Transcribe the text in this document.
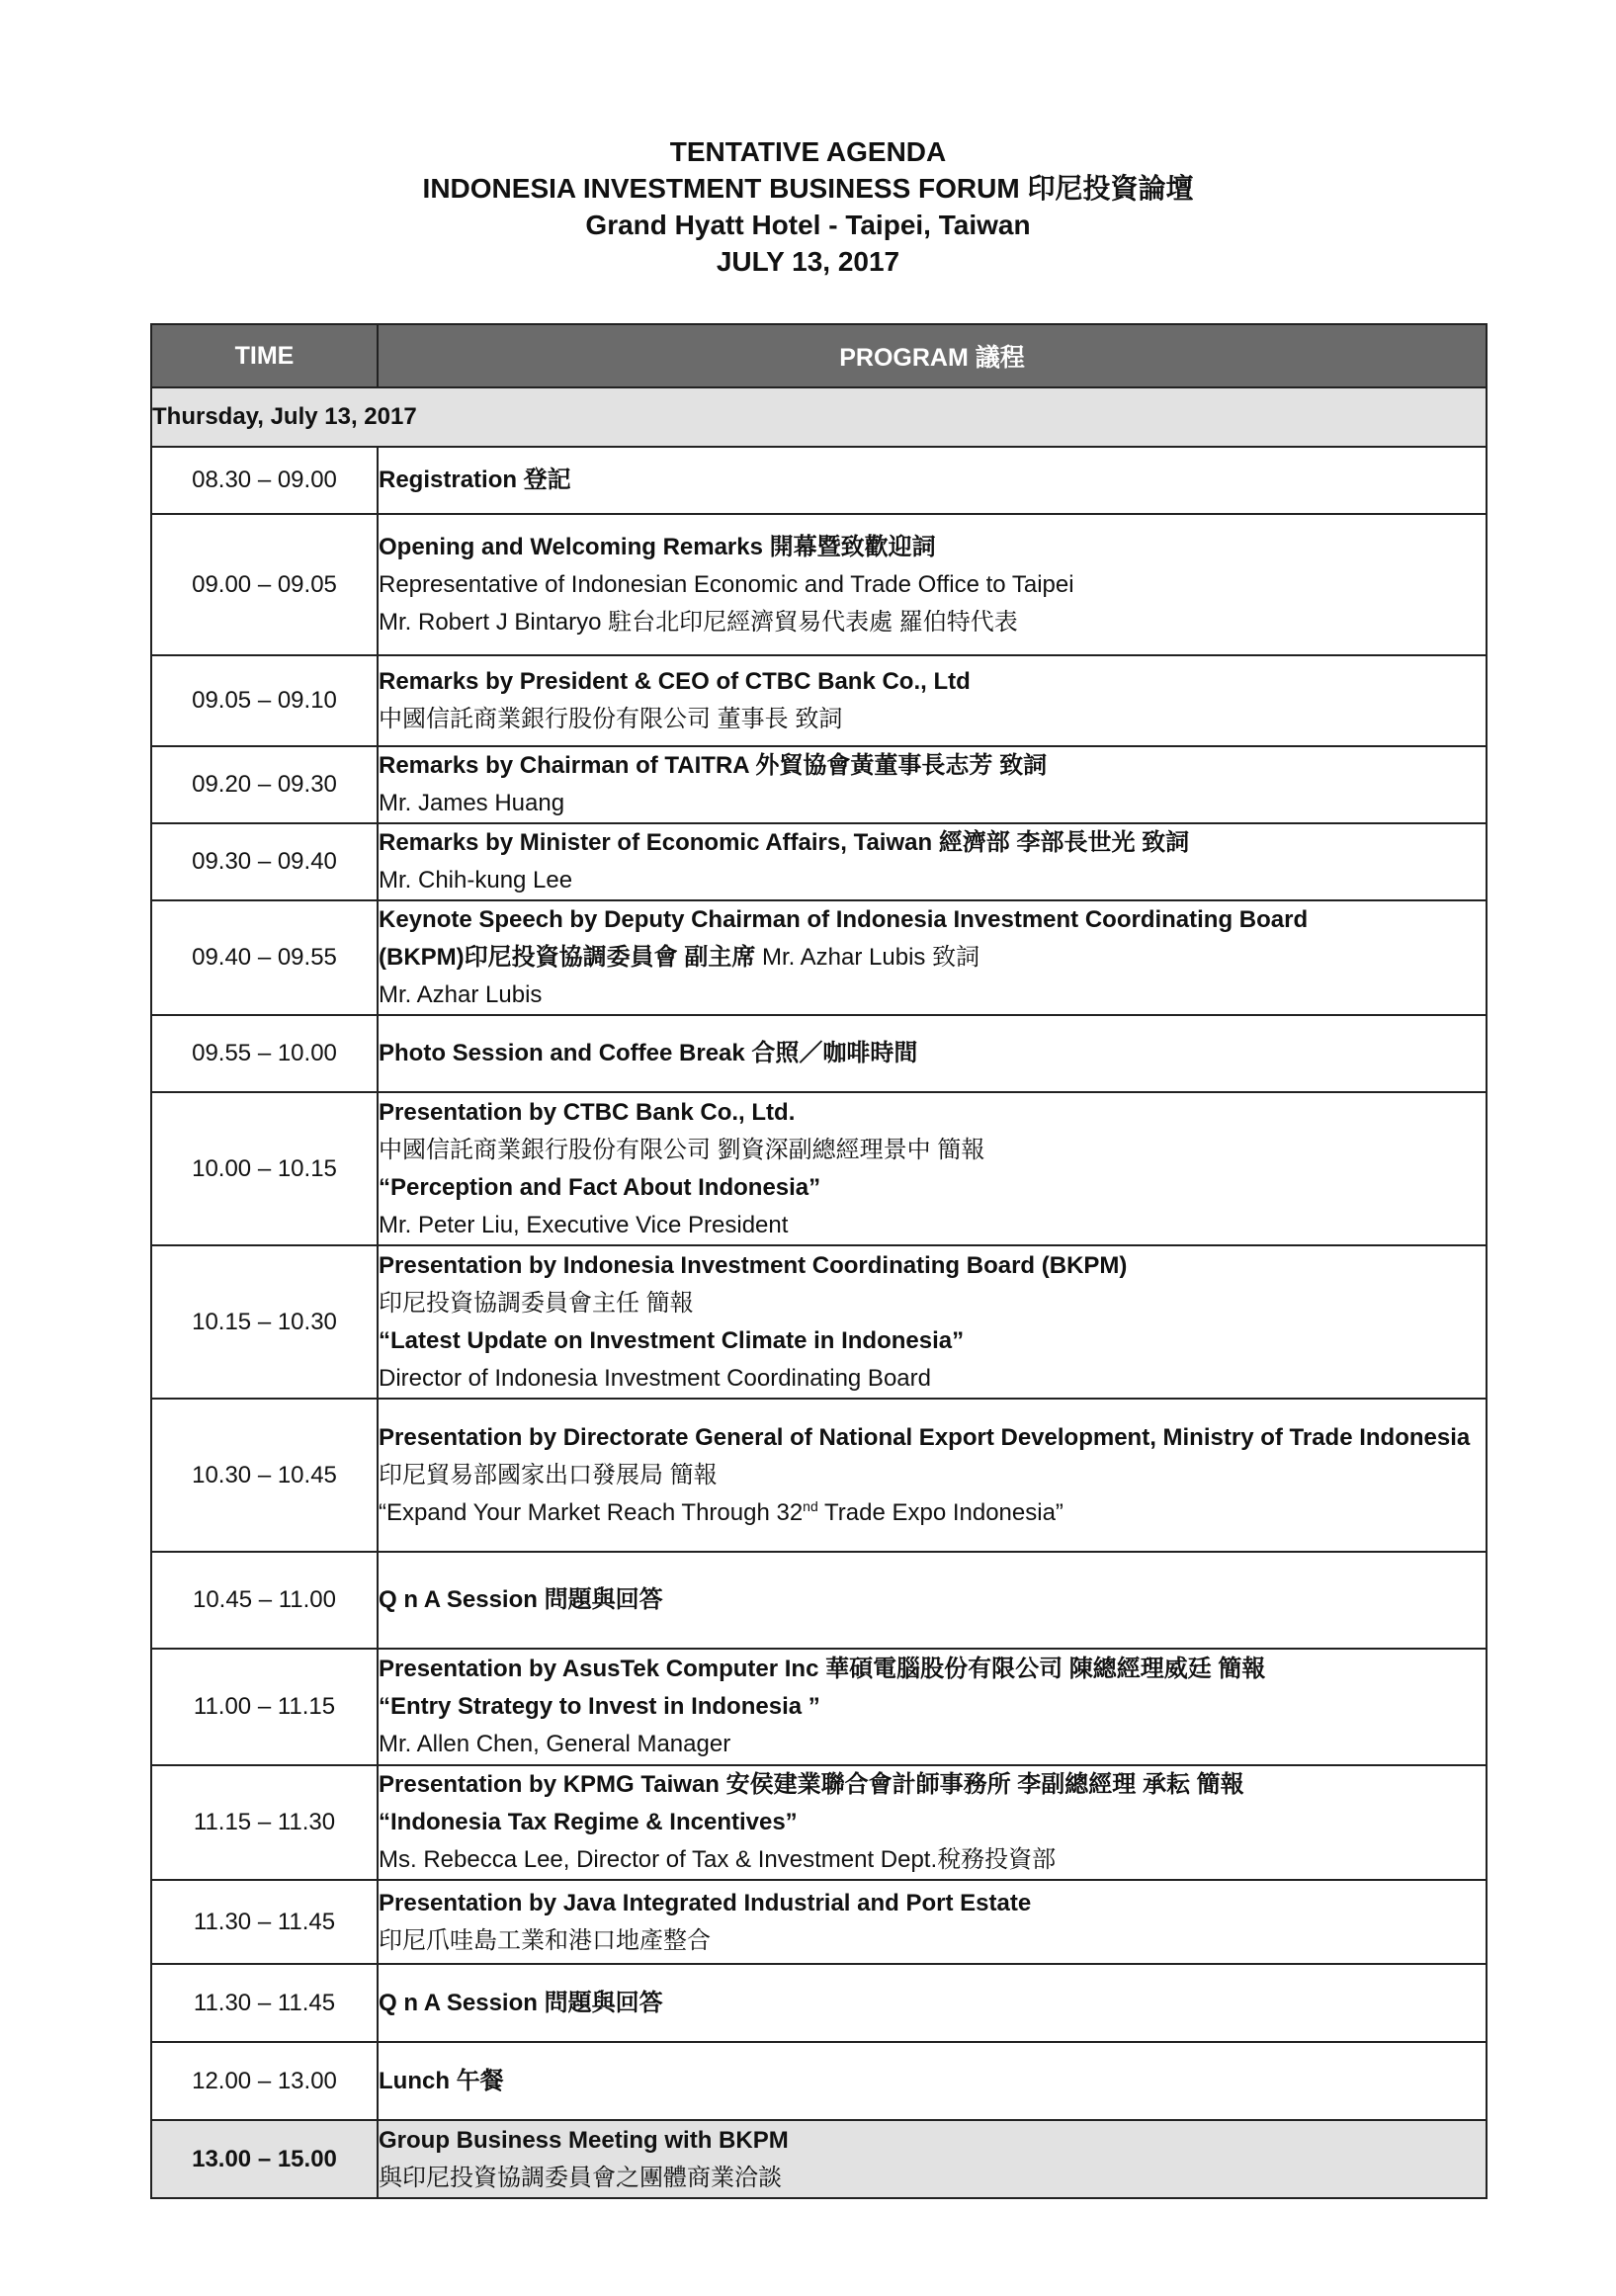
TENTATIVE AGENDA
INDONESIA INVESTMENT BUSINESS FORUM 印尼投資論壇
Grand Hyatt Hotel - Taipei, Taiwan
JULY 13, 2017
TIME	PROGRAM 議程
Thursday, July 13, 2017	
08.30 – 09.00	Registration 登記

09.00 – 09.05	Opening and Welcoming Remarks 開幕暨致歡迎詞
Representative of Indonesian Economic and Trade Office to Taipei
Mr. Robert J Bintaryo 駐台北印尼經濟貿易代表處 羅伯特代表

09.05 – 09.10	Remarks by President & CEO of CTBC Bank Co., Ltd
中國信託商業銀行股份有限公司 董事長 致詞

09.20 – 09.30	Remarks by Chairman of TAITRA 外貿協會黃董事長志芳 致詞
Mr. James Huang

09.30 – 09.40	Remarks by Minister of Economic Affairs, Taiwan 經濟部 李部長世光 致詞
Mr. Chih-kung Lee

09.40 – 09.55	Keynote Speech by Deputy Chairman of Indonesia Investment Coordinating Board
(BKPM)印尼投資協調委員會 副主席 Mr. Azhar Lubis 致詞
Mr. Azhar Lubis

09.55 – 10.00	Photo Session and Coffee Break 合照／咖啡時間

10.00 – 10.15	Presentation by CTBC Bank Co., Ltd.
中國信託商業銀行股份有限公司 劉資深副總經理景中 簡報
“Perception and Fact About Indonesia”
Mr. Peter Liu, Executive Vice President

10.15 – 10.30	Presentation by Indonesia Investment Coordinating Board (BKPM)
印尼投資協調委員會主任 簡報
“Latest Update on Investment Climate in Indonesia”
Director of Indonesia Investment Coordinating Board

10.30 – 10.45	Presentation by Directorate General of National Export Development, Ministry of Trade Indonesia
印尼貿易部國家出口發展局 簡報
“Expand Your Market Reach Through 32nd Trade Expo Indonesia”

10.45 – 11.00	Q n A Session 問題與回答

11.00 – 11.15	Presentation by AsusTek Computer Inc 華碩電腦股份有限公司 陳總經理威廷 簡報
“Entry Strategy to Invest in Indonesia ”
Mr. Allen Chen, General Manager

11.15 – 11.30	Presentation by KPMG Taiwan 安侯建業聯合會計師事務所 李副總經理 承耘 簡報
“Indonesia Tax Regime & Incentives”
Ms. Rebecca Lee, Director of Tax & Investment Dept.稅務投資部

11.30 – 11.45	Presentation by Java Integrated Industrial and Port Estate
印尼爪哇島工業和港口地產整合

11.30 – 11.45	Q n A Session 問題與回答

12.00 – 13.00	Lunch 午餐

13.00 – 15.00	Group Business Meeting with BKPM
與印尼投資協調委員會之團體商業洽談
